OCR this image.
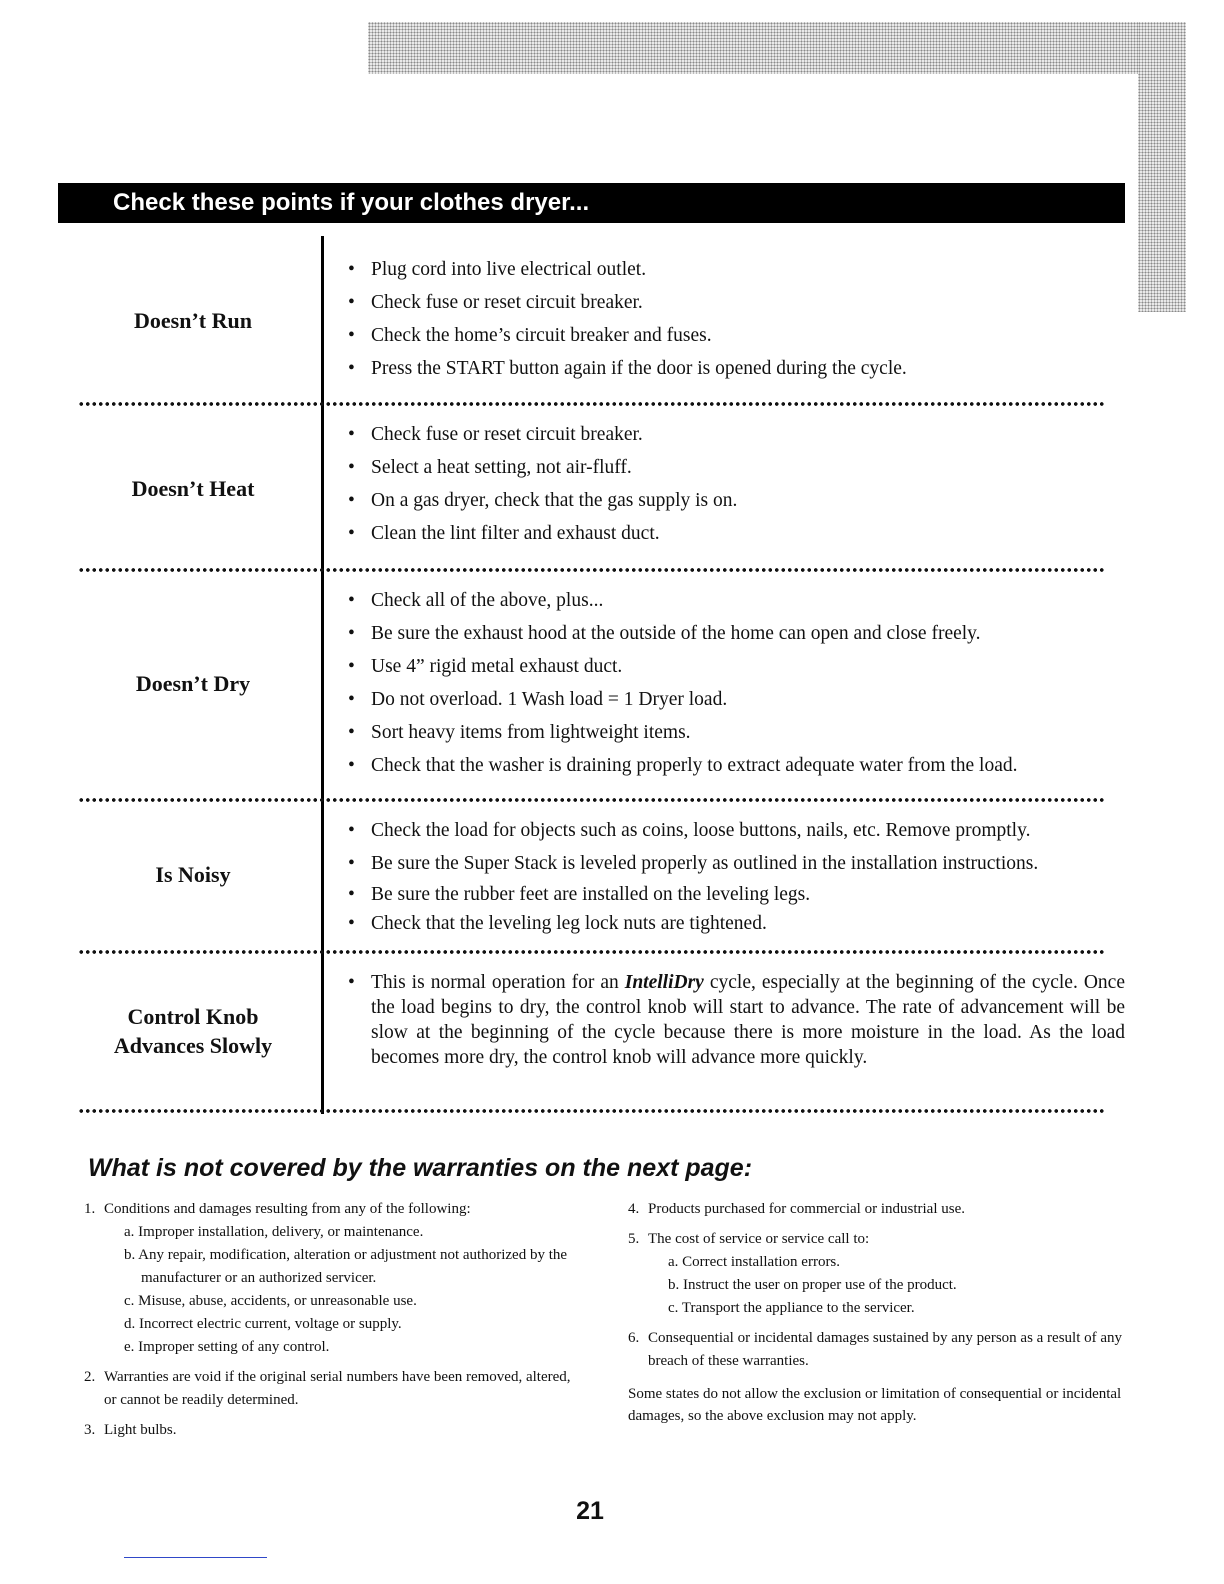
Check these points if your clothes dryer...
Doesn’t Run
• Plug cord into live electrical outlet.
• Check fuse or reset circuit breaker.
• Check the home’s circuit breaker and fuses.
• Press the START button again if the door is opened during the cycle.
Doesn’t Heat
• Check fuse or reset circuit breaker.
• Select a heat setting, not air-fluff.
• On a gas dryer, check that the gas supply is on.
• Clean the lint filter and exhaust duct.
Doesn’t Dry
• Check all of the above, plus...
• Be sure the exhaust hood at the outside of the home can open and close freely.
• Use 4” rigid metal exhaust duct.
• Do not overload. 1 Wash load = 1 Dryer load.
• Sort heavy items from lightweight items.
• Check that the washer is draining properly to extract adequate water from the load.
Is Noisy
• Check the load for objects such as coins, loose buttons, nails, etc. Remove promptly.
• Be sure the Super Stack is leveled properly as outlined in the installation instructions.
• Be sure the rubber feet are installed on the leveling legs.
• Check that the leveling leg lock nuts are tightened.
Control Knob
Advances Slowly
• This is normal operation for an IntelliDry cycle, especially at the beginning of the cycle. Once the load begins to dry, the control knob will start to advance. The rate of advancement will be slow at the beginning of the cycle because there is more moisture in the load. As the load becomes more dry, the control knob will advance more quickly.
What is not covered by the warranties on the next page:
1. Conditions and damages resulting from any of the following:
a. Improper installation, delivery, or maintenance.
b. Any repair, modification, alteration or adjustment not authorized by the manufacturer or an authorized servicer.
c. Misuse, abuse, accidents, or unreasonable use.
d. Incorrect electric current, voltage or supply.
e. Improper setting of any control.
2. Warranties are void if the original serial numbers have been removed, altered, or cannot be readily determined.
3. Light bulbs.
4. Products purchased for commercial or industrial use.
5. The cost of service or service call to:
a. Correct installation errors.
b. Instruct the user on proper use of the product.
c. Transport the appliance to the servicer.
6. Consequential or incidental damages sustained by any person as a result of any breach of these warranties.
Some states do not allow the exclusion or limitation of consequential or incidental damages, so the above exclusion may not apply.
21
